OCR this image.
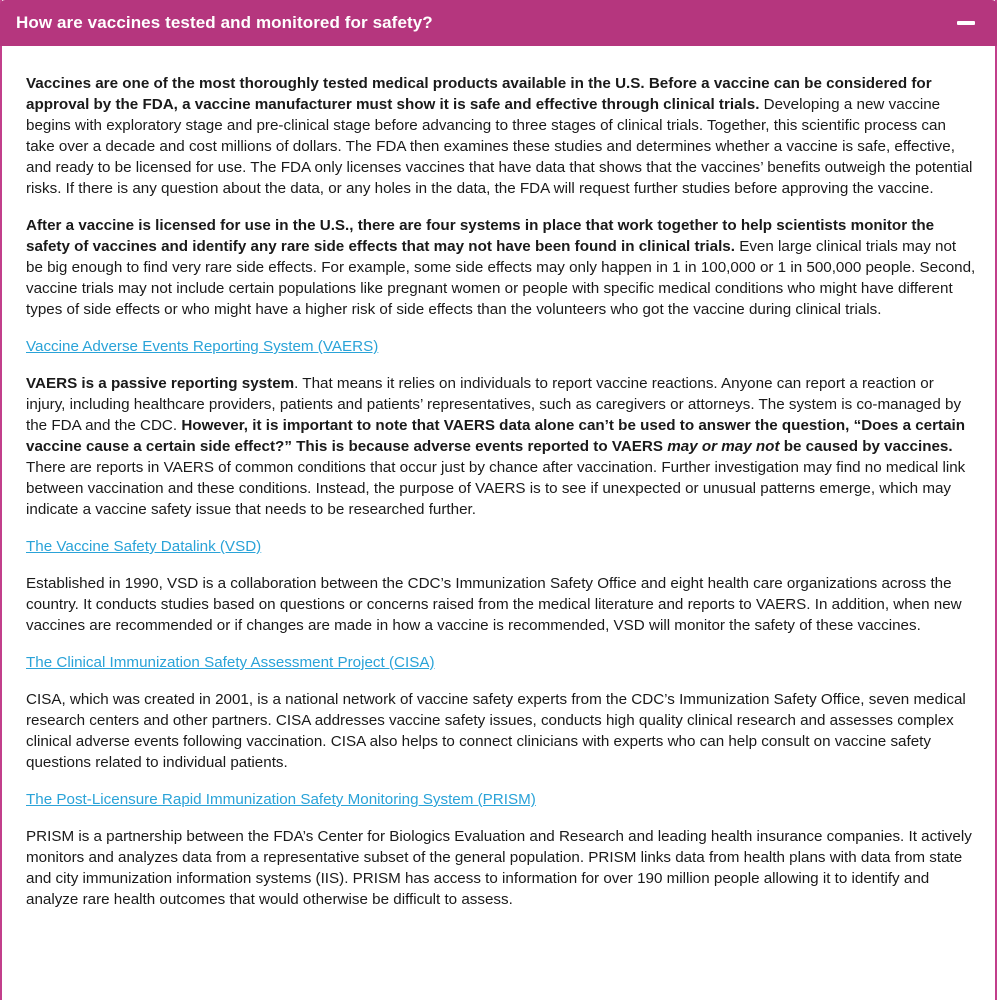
How are vaccines tested and monitored for safety?

Vaccines are one of the most thoroughly tested medical products available in the U.S. Before a vaccine can be considered for approval by the FDA, a vaccine manufacturer must show it is safe and effective through clinical trials. Developing a new vaccine begins with exploratory stage and pre-clinical stage before advancing to three stages of clinical trials. Together, this scientific process can take over a decade and cost millions of dollars. The FDA then examines these studies and determines whether a vaccine is safe, effective, and ready to be licensed for use. The FDA only licenses vaccines that have data that shows that the vaccines’ benefits outweigh the potential risks. If there is any question about the data, or any holes in the data, the FDA will request further studies before approving the vaccine.

After a vaccine is licensed for use in the U.S., there are four systems in place that work together to help scientists monitor the safety of vaccines and identify any rare side effects that may not have been found in clinical trials. Even large clinical trials may not be big enough to find very rare side effects. For example, some side effects may only happen in 1 in 100,000 or 1 in 500,000 people. Second, vaccine trials may not include certain populations like pregnant women or people with specific medical conditions who might have different types of side effects or who might have a higher risk of side effects than the volunteers who got the vaccine during clinical trials.

Vaccine Adverse Events Reporting System (VAERS)

VAERS is a passive reporting system. That means it relies on individuals to report vaccine reactions. Anyone can report a reaction or injury, including healthcare providers, patients and patients’ representatives, such as caregivers or attorneys. The system is co-managed by the FDA and the CDC. However, it is important to note that VAERS data alone can’t be used to answer the question, “Does a certain vaccine cause a certain side effect?” This is because adverse events reported to VAERS may or may not be caused by vaccines. There are reports in VAERS of common conditions that occur just by chance after vaccination. Further investigation may find no medical link between vaccination and these conditions. Instead, the purpose of VAERS is to see if unexpected or unusual patterns emerge, which may indicate a vaccine safety issue that needs to be researched further.

The Vaccine Safety Datalink (VSD)

Established in 1990, VSD is a collaboration between the CDC’s Immunization Safety Office and eight health care organizations across the country. It conducts studies based on questions or concerns raised from the medical literature and reports to VAERS. In addition, when new vaccines are recommended or if changes are made in how a vaccine is recommended, VSD will monitor the safety of these vaccines.

The Clinical Immunization Safety Assessment Project (CISA)

CISA, which was created in 2001, is a national network of vaccine safety experts from the CDC’s Immunization Safety Office, seven medical research centers and other partners. CISA addresses vaccine safety issues, conducts high quality clinical research and assesses complex clinical adverse events following vaccination. CISA also helps to connect clinicians with experts who can help consult on vaccine safety questions related to individual patients.

The Post-Licensure Rapid Immunization Safety Monitoring System (PRISM)

PRISM is a partnership between the FDA’s Center for Biologics Evaluation and Research and leading health insurance companies. It actively monitors and analyzes data from a representative subset of the general population. PRISM links data from health plans with data from state and city immunization information systems (IIS). PRISM has access to information for over 190 million people allowing it to identify and analyze rare health outcomes that would otherwise be difficult to assess.
